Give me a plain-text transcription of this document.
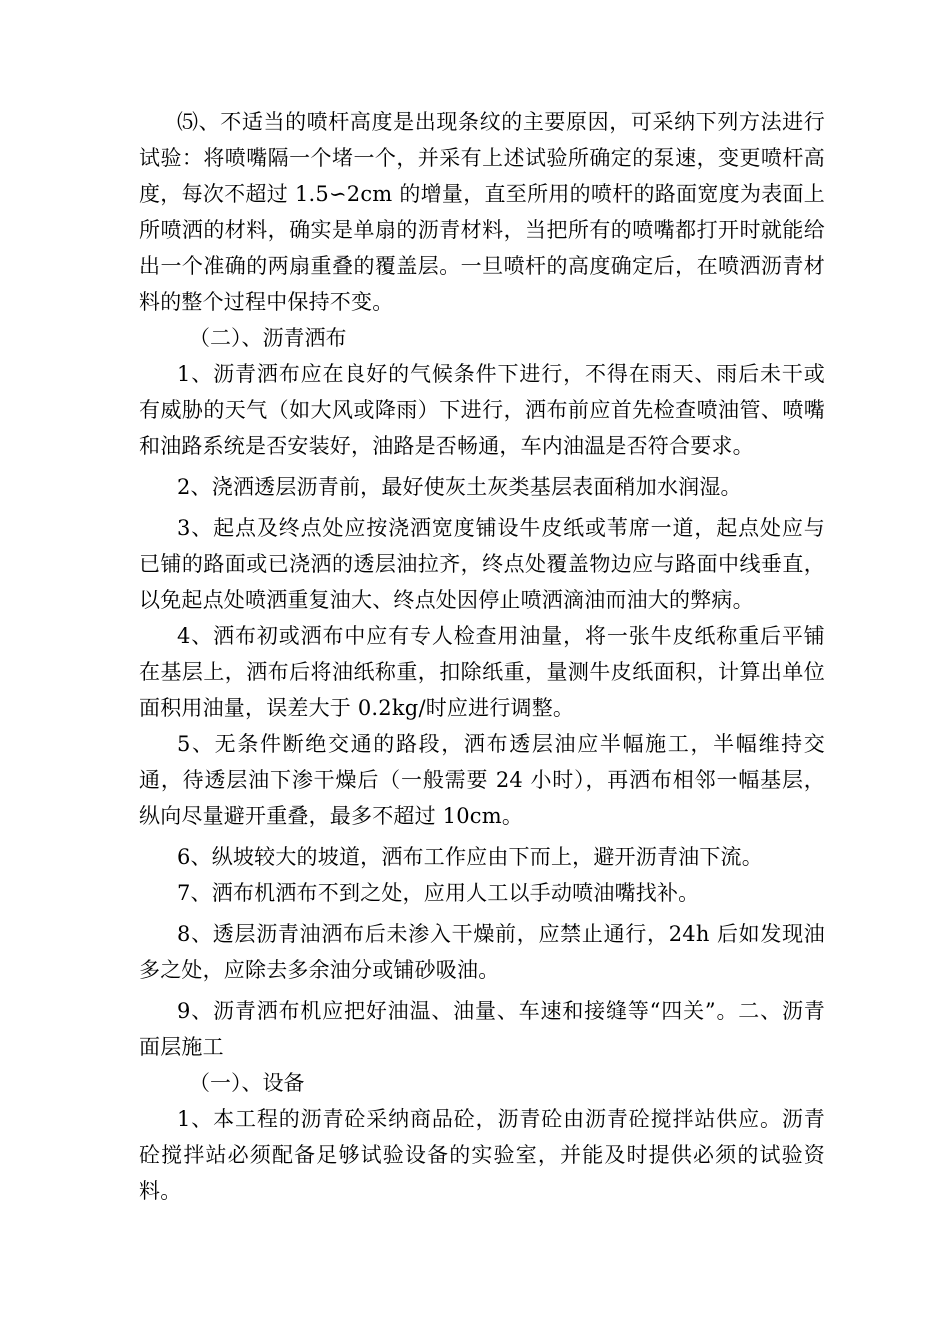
⑸、不适当的喷杆高度是出现条纹的主要原因，可采纳下列方法进行试验：将喷嘴隔一个堵一个，并采有上述试验所确定的泵速，变更喷杆高度，每次不超过 1.5∽2cm 的增量，直至所用的喷杆的路面宽度为表面上所喷洒的材料，确实是单扇的沥青材料，当把所有的喷嘴都打开时就能给出一个准确的两扇重叠的覆盖层。一旦喷杆的高度确定后，在喷洒沥青材料的整个过程中保持不变。

（二）、沥青洒布

1、沥青洒布应在良好的气候条件下进行，不得在雨天、雨后未干或有威胁的天气（如大风或降雨）下进行，洒布前应首先检查喷油管、喷嘴和油路系统是否安装好，油路是否畅通，车内油温是否符合要求。

2、浇洒透层沥青前，最好使灰土灰类基层表面稍加水润湿。

3、起点及终点处应按浇洒宽度铺设牛皮纸或苇席一道，起点处应与已铺的路面或已浇洒的透层油拉齐，终点处覆盖物边应与路面中线垂直，以免起点处喷洒重复油大、终点处因停止喷洒滴油而油大的弊病。

4、洒布初或洒布中应有专人检查用油量，将一张牛皮纸称重后平铺在基层上，洒布后将油纸称重，扣除纸重，量测牛皮纸面积，计算出单位面积用油量，误差大于 0.2kg/时应进行调整。

5、无条件断绝交通的路段，洒布透层油应半幅施工，半幅维持交通，待透层油下渗干燥后（一般需要 24 小时），再洒布相邻一幅基层，纵向尽量避开重叠，最多不超过 10cm。

6、纵坡较大的坡道，洒布工作应由下而上，避开沥青油下流。

7、洒布机洒布不到之处，应用人工以手动喷油嘴找补。

8、透层沥青油洒布后未渗入干燥前，应禁止通行，24h 后如发现油多之处，应除去多余油分或铺砂吸油。

9、沥青洒布机应把好油温、油量、车速和接缝等“四关”。二、沥青面层施工

（一）、设备

1、本工程的沥青砼采纳商品砼，沥青砼由沥青砼搅拌站供应。沥青砼搅拌站必须配备足够试验设备的实验室，并能及时提供必须的试验资料。
